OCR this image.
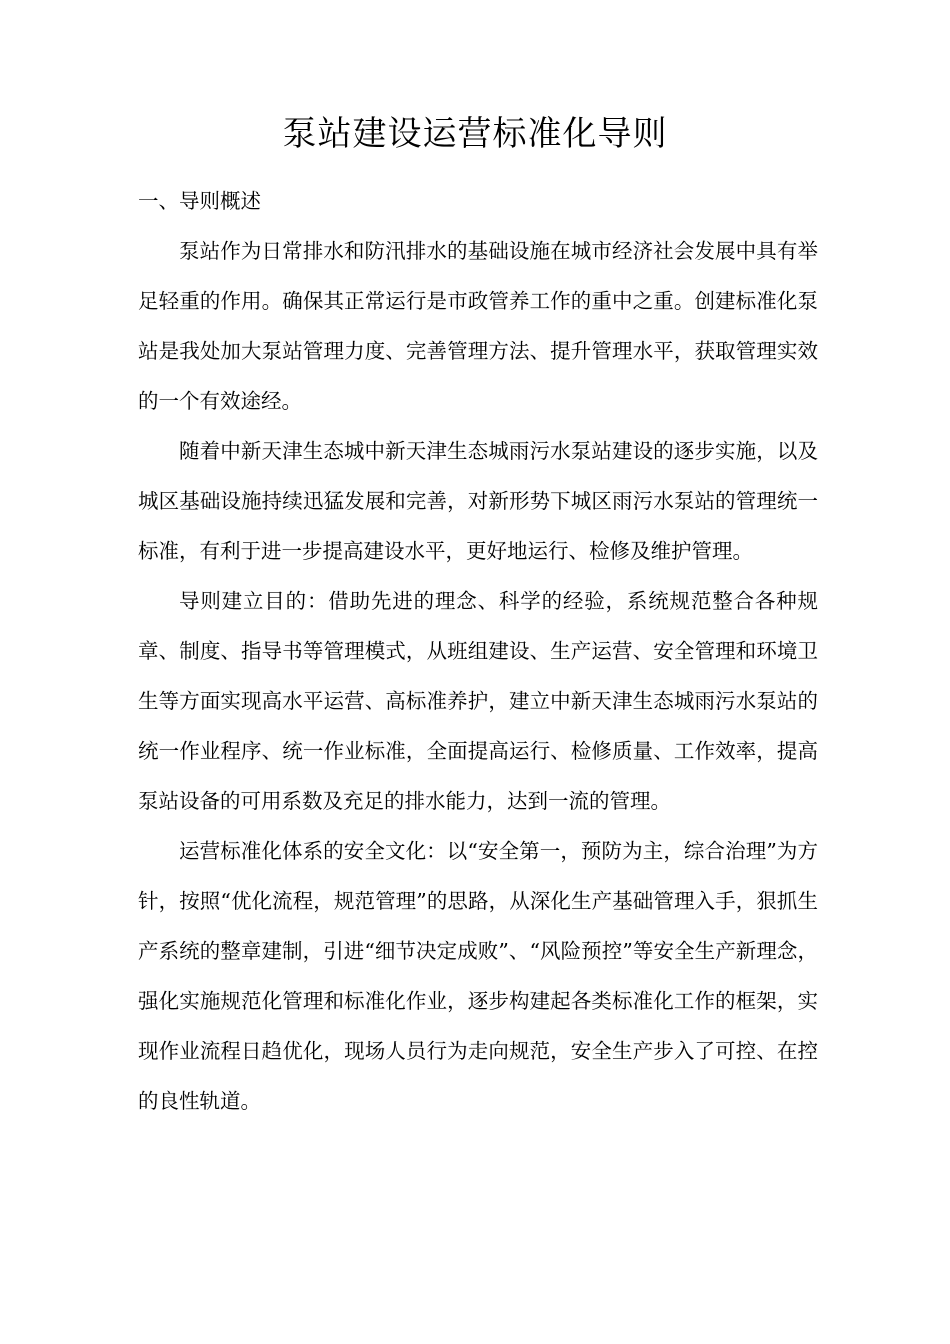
泵站建设运营标准化导则
一、导则概述

泵站作为日常排水和防汛排水的基础设施在城市经济社会发展中具有举足轻重的作用。确保其正常运行是市政管养工作的重中之重。创建标准化泵站是我处加大泵站管理力度、完善管理方法、提升管理水平，获取管理实效的一个有效途经。

随着中新天津生态城中新天津生态城雨污水泵站建设的逐步实施，以及城区基础设施持续迅猛发展和完善，对新形势下城区雨污水泵站的管理统一标准，有利于进一步提高建设水平，更好地运行、检修及维护管理。

导则建立目的：借助先进的理念、科学的经验，系统规范整合各种规章、制度、指导书等管理模式，从班组建设、生产运营、安全管理和环境卫生等方面实现高水平运营、高标准养护，建立中新天津生态城雨污水泵站的统一作业程序、统一作业标准，全面提高运行、检修质量、工作效率，提高泵站设备的可用系数及充足的排水能力，达到一流的管理。

运营标准化体系的安全文化：以“安全第一，预防为主，综合治理”为方针，按照“优化流程，规范管理”的思路，从深化生产基础管理入手，狠抓生产系统的整章建制，引进“细节决定成败”、“风险预控”等安全生产新理念，强化实施规范化管理和标准化作业，逐步构建起各类标准化工作的框架，实现作业流程日趋优化，现场人员行为走向规范，安全生产步入了可控、在控的良性轨道。
